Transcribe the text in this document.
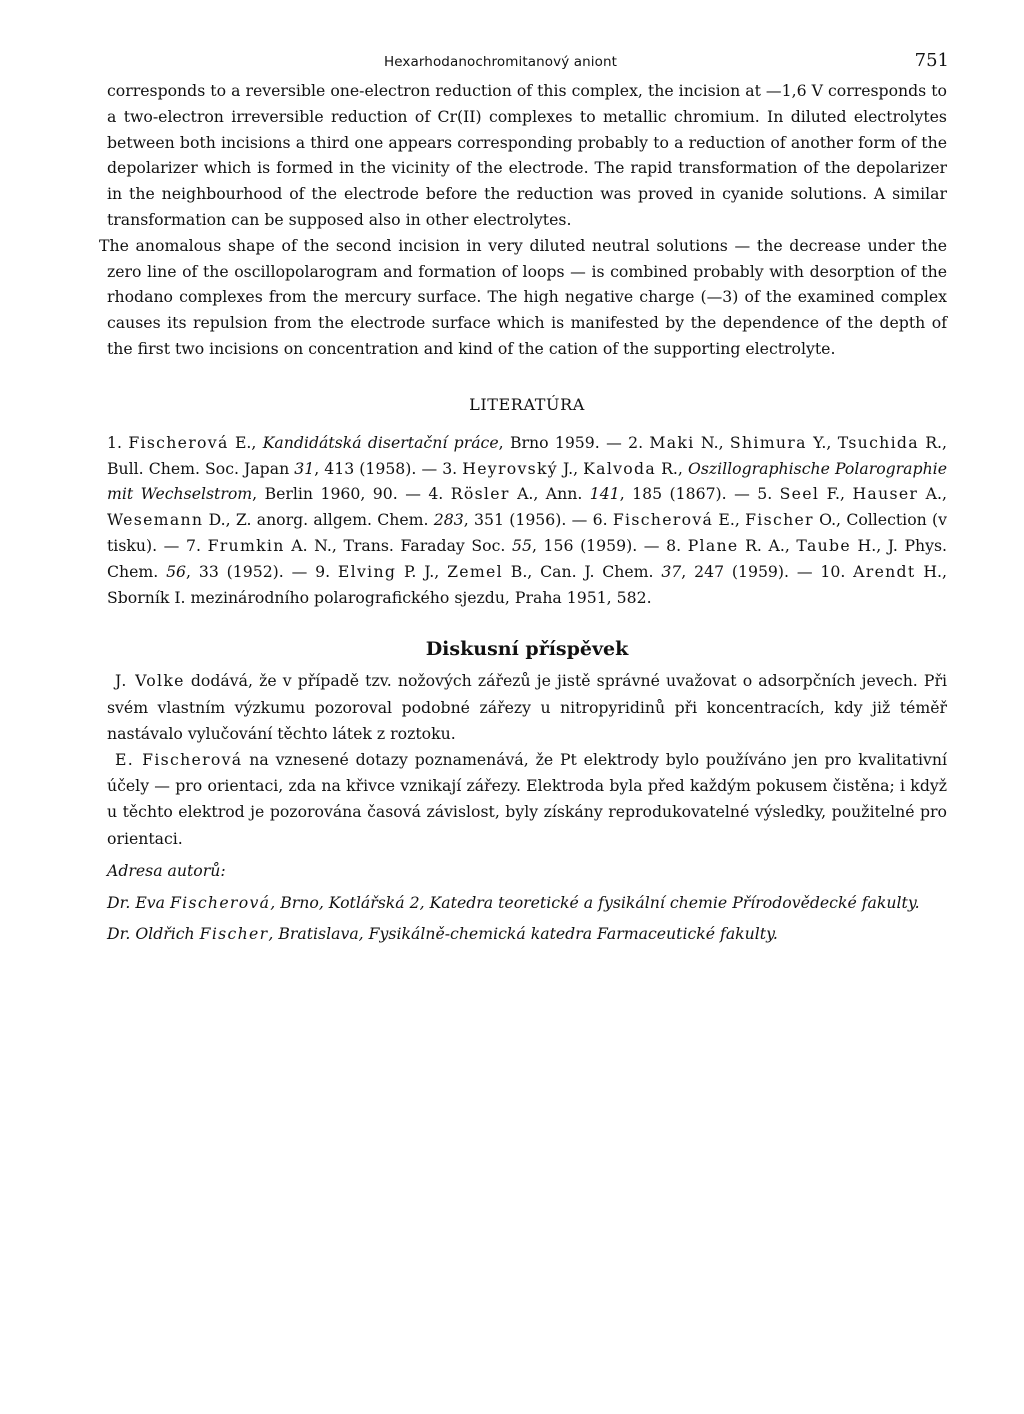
Hexarhodanochromitanový aniont	751

corresponds to a reversible one-electron reduction of this complex, the incision at —1,6 V corresponds to a two-electron irreversible reduction of Cr(II) complexes to metallic chromium. In diluted electrolytes between both incisions a third one appears corresponding probably to a reduction of another form of the depolarizer which is formed in the vicinity of the electrode. The rapid transformation of the depolarizer in the neighbourhood of the electrode before the reduction was proved in cyanide solutions. A similar transformation can be supposed also in other electrolytes.

The anomalous shape of the second incision in very diluted neutral solutions — the decrease under the zero line of the oscillopolarogram and formation of loops — is combined probably with desorption of the rhodano complexes from the mercury surface. The high negative charge (—3) of the examined complex causes its repulsion from the electrode surface which is manifested by the dependence of the depth of the first two incisions on concentration and kind of the cation of the supporting electrolyte.

LITERATÚRA

1. Fischerová E., Kandidátská disertační práce, Brno 1959. — 2. Maki N., Shimura Y., Tsuchida R., Bull. Chem. Soc. Japan 31, 413 (1958). — 3. Heyrovský J., Kalvoda R., Oszillographische Polarographie mit Wechselstrom, Berlin 1960, 90. — 4. Rösler A., Ann. 141, 185 (1867). — 5. Seel F., Hauser A., Wesemann D., Z. anorg. allgem. Chem. 283, 351 (1956). — 6. Fischerová E., Fischer O., Collection (v tisku). — 7. Frumkin A. N., Trans. Faraday Soc. 55, 156 (1959). — 8. Plane R. A., Taube H., J. Phys. Chem. 56, 33 (1952). — 9. Elving P. J., Zemel B., Can. J. Chem. 37, 247 (1959). — 10. Arendt H., Sborník I. mezinárodního polarografického sjezdu, Praha 1951, 582.

Diskusní příspěvek

J. Volke dodává, že v případě tzv. nožových zářezů je jistě správné uvažovat o adsorpčních jevech. Při svém vlastním výzkumu pozoroval podobné zářezy u nitropyridinů při koncentracích, kdy již téměř nastávalo vylučování těchto látek z roztoku.

E. Fischerová na vznesené dotazy poznamenává, že Pt elektrody bylo používáno jen pro kvalitativní účely — pro orientaci, zda na křivce vznikají zářezy. Elektroda byla před každým pokusem čistěna; i když u těchto elektrod je pozorována časová závislost, byly získány reprodukovatelné výsledky, použitelné pro orientaci.

Adresa autorů:

Dr. Eva Fischerová, Brno, Kotlářská 2, Katedra teoretické a fysikální chemie Přírodovědecké fakulty.

Dr. Oldřich Fischer, Bratislava, Fysikálně-chemická katedra Farmaceutické fakulty.
